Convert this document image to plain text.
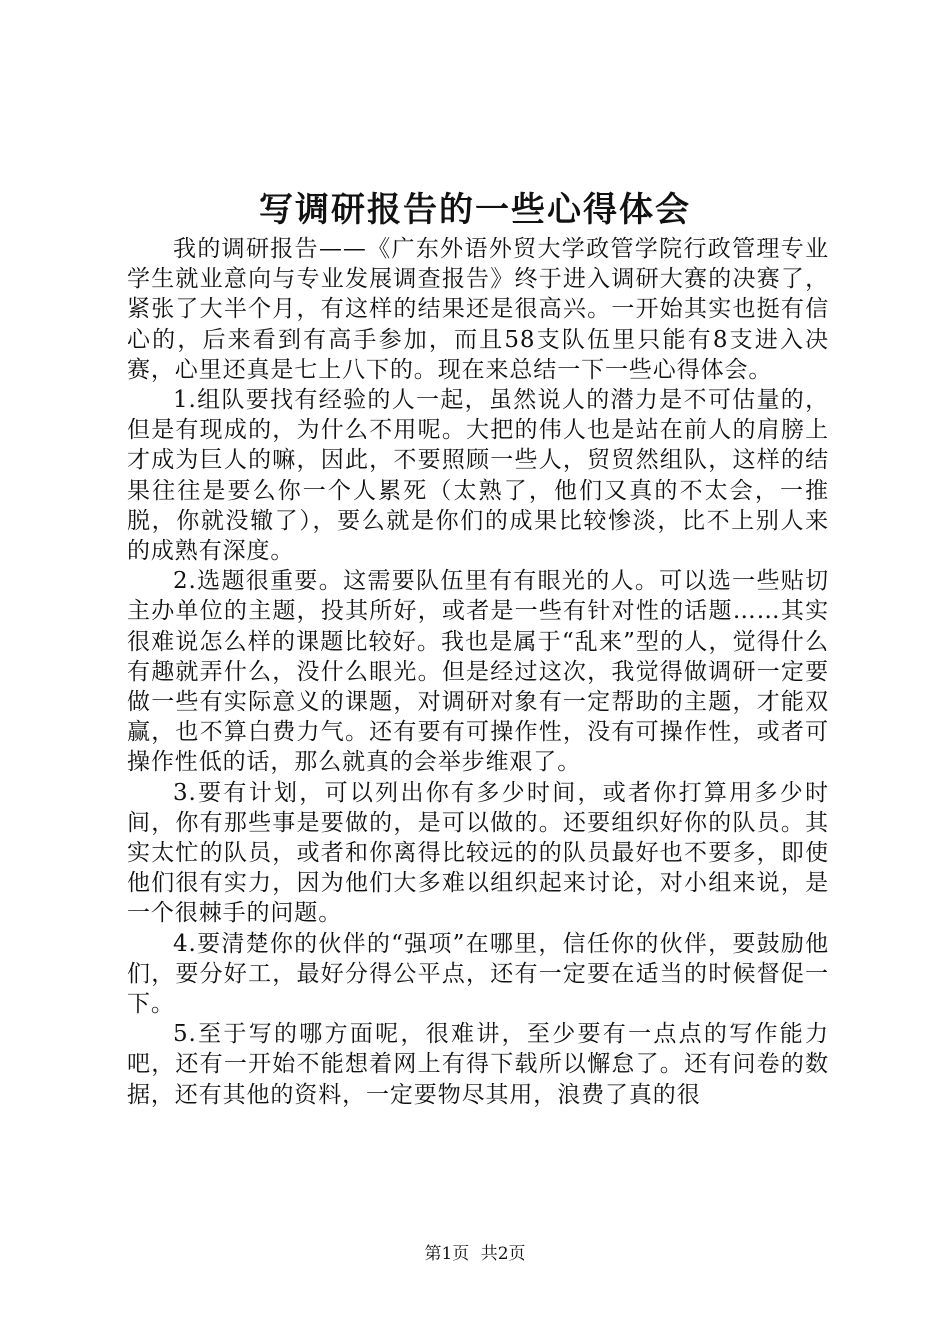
写调研报告的一些心得体会

我的调研报告——《广东外语外贸大学政管学院行政管理专业学生就业意向与专业发展调查报告》终于进入调研大赛的决赛了，紧张了大半个月，有这样的结果还是很高兴。一开始其实也挺有信心的，后来看到有高手参加，而且58支队伍里只能有8支进入决赛，心里还真是七上八下的。现在来总结一下一些心得体会。

1.组队要找有经验的人一起，虽然说人的潜力是不可估量的，但是有现成的，为什么不用呢。大把的伟人也是站在前人的肩膀上才成为巨人的嘛，因此，不要照顾一些人，贸贸然组队，这样的结果往往是要么你一个人累死（太熟了，他们又真的不太会，一推脱，你就没辙了），要么就是你们的成果比较惨淡，比不上别人来的成熟有深度。

2.选题很重要。这需要队伍里有有眼光的人。可以选一些贴切主办单位的主题，投其所好，或者是一些有针对性的话题……其实很难说怎么样的课题比较好。我也是属于“乱来”型的人，觉得什么有趣就弄什么，没什么眼光。但是经过这次，我觉得做调研一定要做一些有实际意义的课题，对调研对象有一定帮助的主题，才能双赢，也不算白费力气。还有要有可操作性，没有可操作性，或者可操作性低的话，那么就真的会举步维艰了。

3.要有计划，可以列出你有多少时间，或者你打算用多少时间，你有那些事是要做的，是可以做的。还要组织好你的队员。其实太忙的队员，或者和你离得比较远的的队员最好也不要多，即使他们很有实力，因为他们大多难以组织起来讨论，对小组来说，是一个很棘手的问题。

4.要清楚你的伙伴的“强项”在哪里，信任你的伙伴，要鼓励他们，要分好工，最好分得公平点，还有一定要在适当的时候督促一下。

5.至于写的哪方面呢，很难讲，至少要有一点点的写作能力吧，还有一开始不能想着网上有得下载所以懈怠了。还有问卷的数据，还有其他的资料，一定要物尽其用，浪费了真的很

第1页 共2页
